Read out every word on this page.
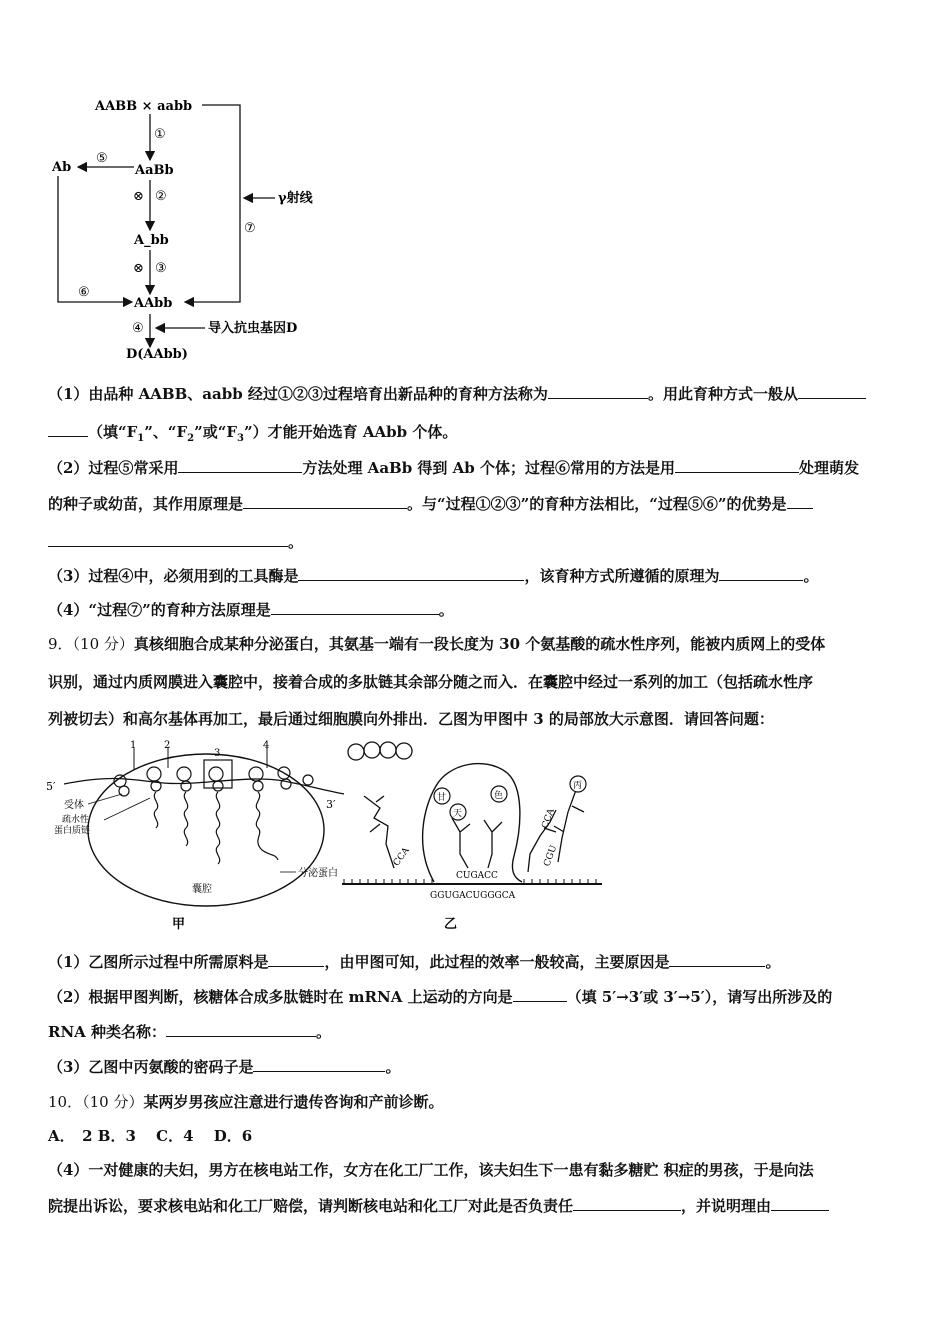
AABB × aabb
①
⑦
γ射线
AaBb
⑤
Ab
⑥
⊗ ②
A_bb
⊗ ③
AAbb
④	导入抗虫基因D
D(AAbb)
（1）由品种 AABB、aabb 经过①②③过程培育出新品种的育种方法称为	。用此育种方式一般从
（填“$F_1$”、“$F_2$”或“$F_3$”）才能开始选育 AAbb 个体。
（2）过程⑤常采用	方法处理 AaBb 得到 Ab 个体；过程⑥常用的方法是用	处理萌发
的种子或幼苗，其作用原理是	。与“过程①②③”的育种方法相比，“过程⑤⑥”的优势是
。
（3）过程④中，必须用到的工具酶是	，该育种方式所遵循的原理为	。
（4）“过程⑦”的育种方法原理是	。
9．（10 分）真核细胞合成某种分泌蛋白，其氨基一端有一段长度为 30 个氨基酸的疏水性序列，能被内质网上的受体
识别，通过内质网膜进入囊腔中，接着合成的多肽链其余部分随之而入．在囊腔中经过一系列的加工（包括疏水性序
列被切去）和高尔基体再加工，最后通过细胞膜向外排出．乙图为甲图中 3 的局部放大示意图．请回答问题：
5′
3′
1	2
3
4
受体
疏水性
蛋白质链
分泌蛋白
囊腔
甲
甘
天
色
丙
CCA
CCA
CGU
CUGACC
GGUGACUGGGCA
乙
（1）乙图所示过程中所需原料是	，由甲图可知，此过程的效率一般较高，主要原因是	。
（2）根据甲图判断，核糖体合成多肽链时在 mRNA 上运动的方向是	（填 5′→3′或 3′→5′），请写出所涉及的
RNA 种类名称：	。
（3）乙图中丙氨酸的密码子是	。
10．（10 分）某两岁男孩应注意进行遗传咨询和产前诊断。
A．　2 B．3　 C．4　 D．6
（4）一对健康的夫妇，男方在核电站工作，女方在化工厂工作，该夫妇生下一患有黏多糖贮 积症的男孩，于是向法
院提出诉讼，要求核电站和化工厂赔偿，请判断核电站和化工厂对此是否负责任	，并说明理由
